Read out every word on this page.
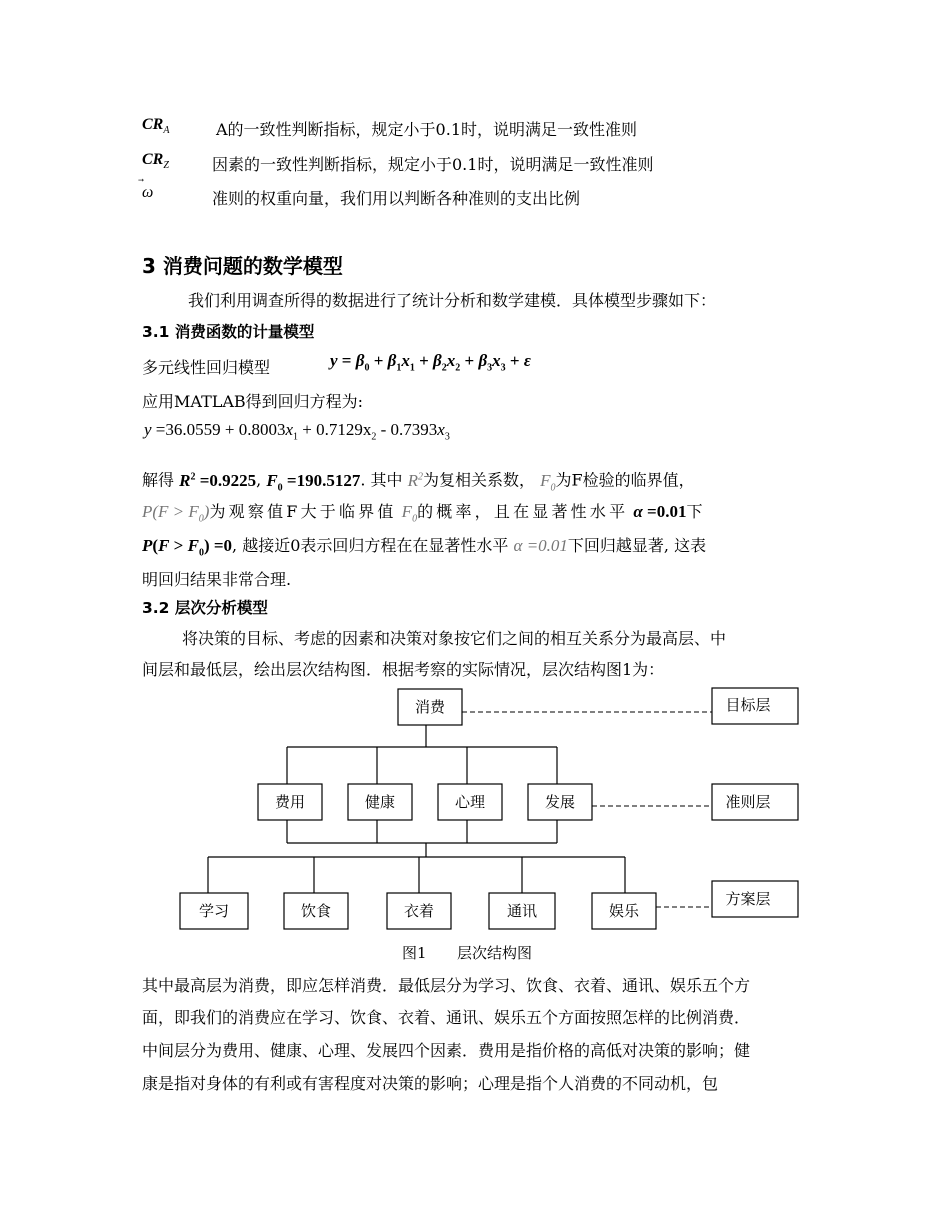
$CR_A$	A的一致性判断指标，规定小于0.1时，说明满足一致性准则
$CR_Z$	因素的一致性判断指标，规定小于0.1时，说明满足一致性准则
ω	准则的权重向量，我们用以判断各种准则的支出比例
3 消费问题的数学模型
我们利用调查所得的数据进行了统计分析和数学建模．具体模型步骤如下：
3.1 消费函数的计量模型
多元线性回归模型	$y = \beta_0 + \beta_1x_1 + \beta_2x_2 + \beta_3x_3 + \varepsilon$
应用MATLAB得到回归方程为:
$y =36.0559 + 0.8003x_1 + 0.7129x_2 - 0.7393x_3$
解得 $R^2 =0.9225$, $F_0 =190.5127$. 其中 $R^2$为复相关系数， $F_0$为F检验的临界值，
$P(F > F_0)$为观察值F大于临界值 $F_0$的概率，且在显著性水平 α =0.01下
$P(F > F_0) =0$, 越接近0表示回归方程在在显著性水平 α =0.01下回归越显著, 这表
明回归结果非常合理.
3.2 层次分析模型
将决策的目标、考虑的因素和决策对象按它们之间的相互关系分为最高层、中
间层和最低层，绘出层次结构图．根据考察的实际情况，层次结构图1为：
消费
费用	健康	心理	发展
学习	饮食	衣着	通讯	娱乐
目标层
准则层
方案层
图1 层次结构图
其中最高层为消费，即应怎样消费．最低层分为学习、饮食、衣着、通讯、娱乐五个方
面，即我们的消费应在学习、饮食、衣着、通讯、娱乐五个方面按照怎样的比例消费．
中间层分为费用、健康、心理、发展四个因素．费用是指价格的高低对决策的影响；健
康是指对身体的有利或有害程度对决策的影响；心理是指个人消费的不同动机，包
